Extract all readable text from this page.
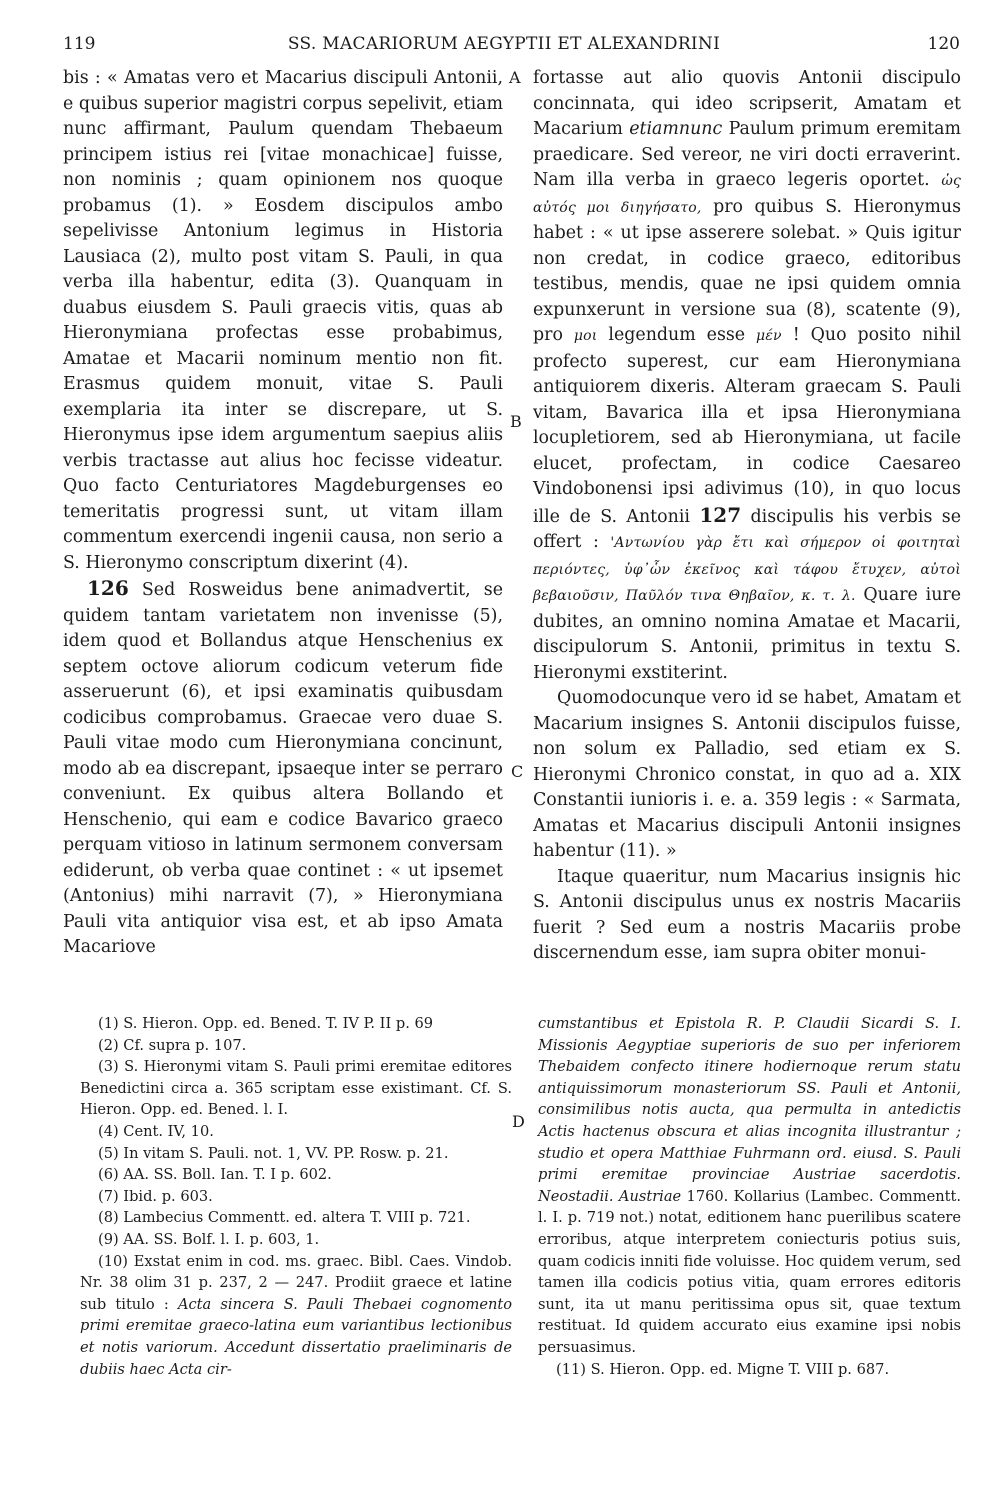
119	SS. MACARIORUM AEGYPTII ET ALEXANDRINI	120
A
B
C
D

bis : « Amatas vero et Macarius discipuli Antonii, e quibus superior magistri corpus sepelivit, etiam nunc affirmant, Paulum quendam Thebaeum principem istius rei [vitae monachicae] fuisse, non nominis ; quam opinionem nos quoque probamus (1). » Eosdem discipulos ambo sepelivisse Antonium legimus in Historia Lausiaca (2), multo post vitam S. Pauli, in qua verba illa habentur, edita (3). Quanquam in duabus eiusdem S. Pauli graecis vitis, quas ab Hieronymiana profectas esse probabimus, Amatae et Macarii nominum mentio non fit. Erasmus quidem monuit, vitae S. Pauli exemplaria ita inter se discrepare, ut S. Hieronymus ipse idem argumentum saepius aliis verbis tractasse aut alius hoc fecisse videatur. Quo facto Centuriatores Magdeburgenses eo temeritatis progressi sunt, ut vitam illam commentum exercendi ingenii causa, non serio a S. Hieronymo conscriptum dixerint (4).

126 Sed Rosweidus bene animadvertit, se quidem tantam varietatem non invenisse (5), idem quod et Bollandus atque Henschenius ex septem octove aliorum codicum veterum fide asseruerunt (6), et ipsi examinatis quibusdam codicibus comprobamus. Graecae vero duae S. Pauli vitae modo cum Hieronymiana concinunt, modo ab ea discrepant, ipsaeque inter se perraro conveniunt. Ex quibus altera Bollando et Henschenio, qui eam e codice Bavarico graeco perquam vitioso in latinum sermonem conversam ediderunt, ob verba quae continet : « ut ipsemet (Antonius) mihi narravit (7), » Hieronymiana Pauli vita antiquior visa est, et ab ipso Amata Macariove

fortasse aut alio quovis Antonii discipulo concinnata, qui ideo scripserit, Amatam et Macarium etiamnunc Paulum primum eremitam praedicare. Sed vereor, ne viri docti erraverint. Nam illa verba in graeco legeris oportet. ὡς αὐτός μοι διηγήσατο, pro quibus S. Hieronymus habet : « ut ipse asserere solebat. » Quis igitur non credat, in codice graeco, editoribus testibus, mendis, quae ne ipsi quidem omnia expunxerunt in versione sua (8), scatente (9), pro μοι legendum esse μέν ! Quo posito nihil profecto superest, cur eam Hieronymiana antiquiorem dixeris. Alteram graecam S. Pauli vitam, Bavarica illa et ipsa Hieronymiana locupletiorem, sed ab Hieronymiana, ut facile elucet, profectam, in codice Caesareo Vindobonensi ipsi adivimus (10), in quo locus ille de S. Antonii 127 discipulis his verbis se offert : 'Αντωνίου γὰρ ἔτι καὶ σήμερον οἱ φοιτηταὶ περιόντες, ὑφ᾽ὧν ἐκεῖνος καὶ τάφου ἔτυχεν, αὐτοὶ βεβαιοῦσιν, Παῦλόν τινα Θηβαῖον, κ. τ. λ. Quare iure dubites, an omnino nomina Amatae et Macarii, discipulorum S. Antonii, primitus in textu S. Hieronymi exstiterint.

Quomodocunque vero id se habet, Amatam et Macarium insignes S. Antonii discipulos fuisse, non solum ex Palladio, sed etiam ex S. Hieronymi Chronico constat, in quo ad a. XIX Constantii iunioris i. e. a. 359 legis : « Sarmata, Amatas et Macarius discipuli Antonii insignes habentur (11). »

Itaque quaeritur, num Macarius insignis hic S. Antonii discipulus unus ex nostris Macariis fuerit ? Sed eum a nostris Macariis probe discernendum esse, iam supra obiter monui-

(1) S. Hieron. Opp. ed. Bened. T. IV P. II p. 69

(2) Cf. supra p. 107.

(3) S. Hieronymi vitam S. Pauli primi eremitae editores Benedictini circa a. 365 scriptam esse existimant. Cf. S. Hieron. Opp. ed. Bened. l. I.

(4) Cent. IV, 10.

(5) In vitam S. Pauli. not. 1, VV. PP. Rosw. p. 21.

(6) AA. SS. Boll. Ian. T. I p. 602.

(7) Ibid. p. 603.

(8) Lambecius Commentt. ed. altera T. VIII p. 721.

(9) AA. SS. Bolf. l. I. p. 603, 1.

(10) Exstat enim in cod. ms. graec. Bibl. Caes. Vindob. Nr. 38 olim 31 p. 237, 2 — 247. Prodiit graece et latine sub titulo : Acta sincera S. Pauli Thebaei cognomento primi eremitae graeco-latina eum variantibus lectionibus et notis variorum. Accedunt dissertatio praeliminaris de dubiis haec Acta cir-

cumstantibus et Epistola R. P. Claudii Sicardi S. I. Missionis Aegyptiae superioris de suo per inferiorem Thebaidem confecto itinere hodiernoque rerum statu antiquissimorum monasteriorum SS. Pauli et Antonii, consimilibus notis aucta, qua permulta in antedictis Actis hactenus obscura et alias incognita illustrantur ; studio et opera Matthiae Fuhrmann ord. eiusd. S. Pauli primi eremitae provinciae Austriae sacerdotis. Neostadii. Austriae 1760. Kollarius (Lambec. Commentt. l. I. p. 719 not.) notat, editionem hanc puerilibus scatere erroribus, atque interpretem coniecturis potius suis, quam codicis inniti fide voluisse. Hoc quidem verum, sed tamen illa codicis potius vitia, quam errores editoris sunt, ita ut manu peritissima opus sit, quae textum restituat. Id quidem accurato eius examine ipsi nobis persuasimus.

(11) S. Hieron. Opp. ed. Migne T. VIII p. 687.
